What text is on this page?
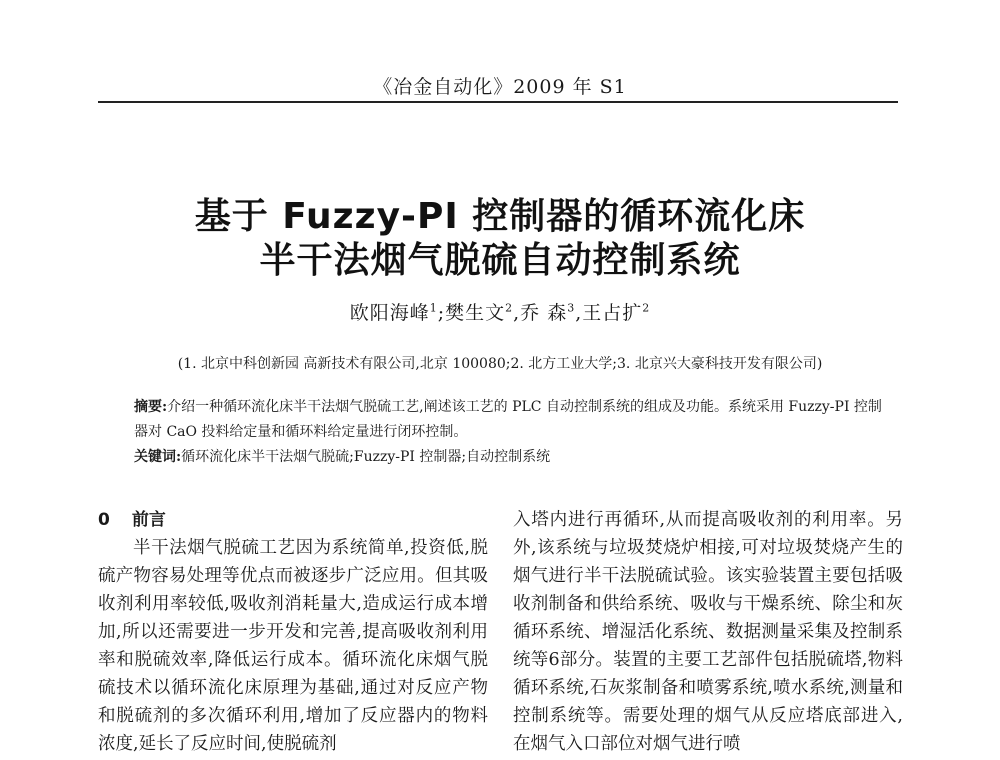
《冶金自动化》2009 年 S1
基于 Fuzzy-PI 控制器的循环流化床
半干法烟气脱硫自动控制系统
欧阳海峰$^1$;樊生文$^2$,乔 森$^3$,王占扩$^2$
(1. 北京中科创新园 高新技术有限公司,北京 100080;2. 北方工业大学;3. 北京兴大豪科技开发有限公司)
摘要:介绍一种循环流化床半干法烟气脱硫工艺,阐述该工艺的 PLC 自动控制系统的组成及功能。系统采用 Fuzzy-PI 控制器对 CaO 投料给定量和循环料给定量进行闭环控制。
关键词:循环流化床半干法烟气脱硫;Fuzzy-PI 控制器;自动控制系统
0 前言

半干法烟气脱硫工艺因为系统简单,投资低,脱硫产物容易处理等优点而被逐步广泛应用。但其吸收剂利用率较低,吸收剂消耗量大,造成运行成本增加,所以还需要进一步开发和完善,提高吸收剂利用率和脱硫效率,降低运行成本。循环流化床烟气脱硫技术以循环流化床原理为基础,通过对反应产物和脱硫剂的多次循环利用,增加了反应器内的物料浓度,延长了反应时间,使脱硫剂

入塔内进行再循环,从而提高吸收剂的利用率。另外,该系统与垃圾焚烧炉相接,可对垃圾焚烧产生的烟气进行半干法脱硫试验。该实验装置主要包括吸收剂制备和供给系统、吸收与干燥系统、除尘和灰循环系统、增湿活化系统、数据测量采集及控制系统等6部分。装置的主要工艺部件包括脱硫塔,物料循环系统,石灰浆制备和喷雾系统,喷水系统,测量和控制系统等。需要处理的烟气从反应塔底部进入,在烟气入口部位对烟气进行喷
